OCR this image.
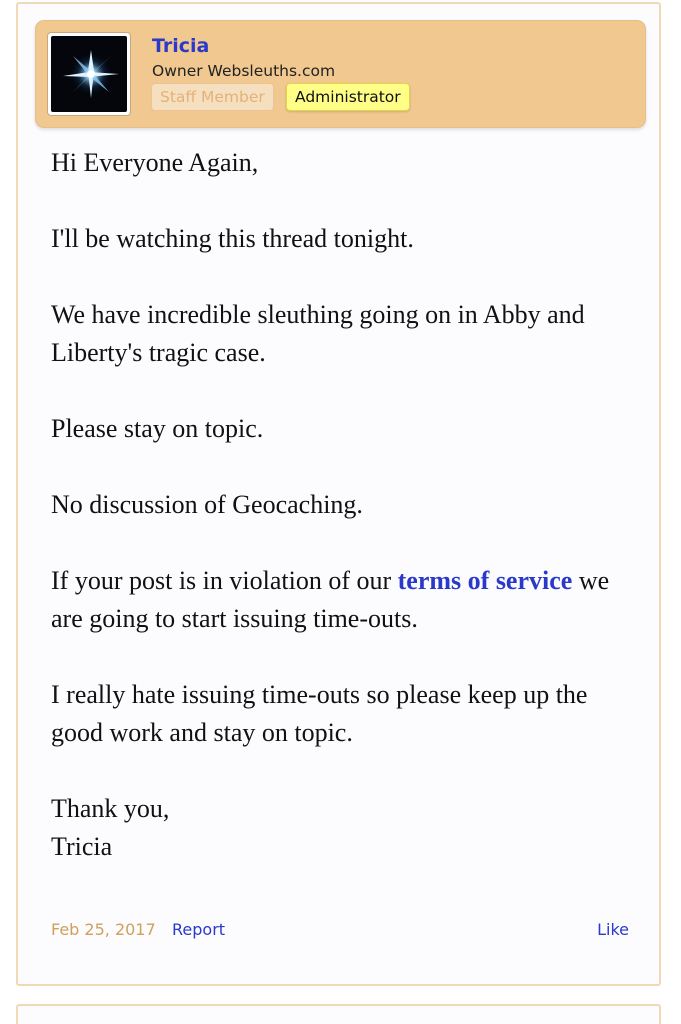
Tricia
Owner Websleuths.com
Staff Member	Administrator

Hi Everyone Again,

I'll be watching this thread tonight.

We have incredible sleuthing going on in Abby and Liberty's tragic case.

Please stay on topic.

No discussion of Geocaching.

If your post is in violation of our terms of service we are going to start issuing time-outs.

I really hate issuing time-outs so please keep up the good work and stay on topic.

Thank you,
Tricia

Feb 25, 2017 Report	Like
